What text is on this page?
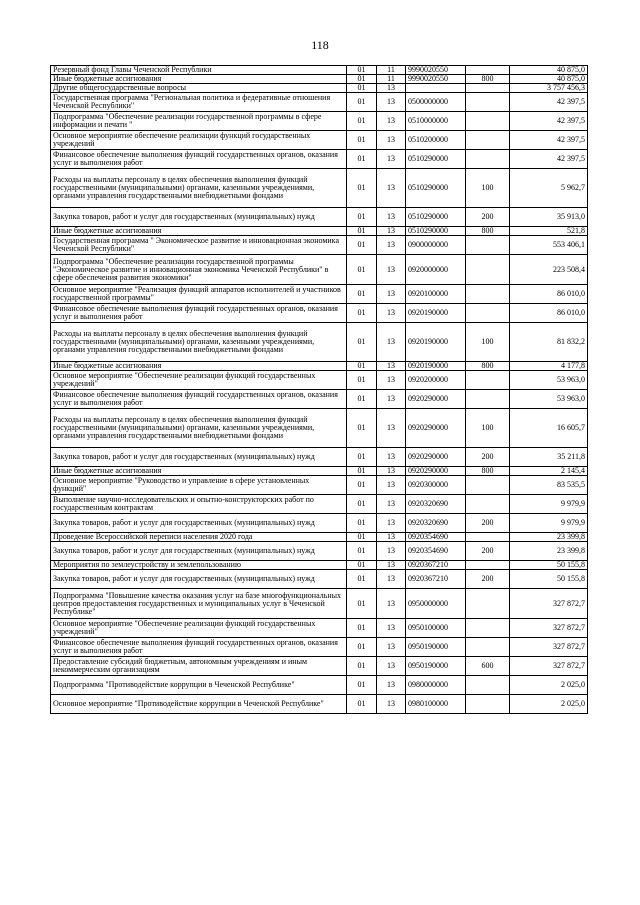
118
Резервный фонд Главы Чеченской Республики	01	11	9990020550		40 875,0
Иные бюджетные ассигнования	01	11	9990020550	800	40 875,0
Другие общегосударственные вопросы	01	13			3 757 456,3
Государственная программа "Региональная политика и федеративные отношения Чеченской Республики"	01	13	0500000000		42 397,5
Подпрограмма "Обеспечение реализации государственной программы в сфере информации и печати "	01	13	0510000000		42 397,5
Основное мероприятие обеспечение реализации функций государственных учреждений	01	13	0510200000		42 397,5
Финансовое обеспечение выполнения функций государственных органов, оказания услуг и выполнения работ	01	13	0510290000		42 397,5
Расходы на выплаты персоналу в целях обеспечения выполнения функций государственными (муниципальными) органами, казенными учреждениями, органами управления государственными внебюджетными фондами	01	13	0510290000	100	5 962,7
Закупка товаров, работ и услуг для государственных (муниципальных) нужд	01	13	0510290000	200	35 913,0
Иные бюджетные ассигнования	01	13	0510290000	800	521,8
Государственная программа " Экономическое развитие и инновационная экономика Чеченской Республики"	01	13	0900000000		553 406,1
Подпрограмма "Обеспечение реализации государственной программы "Экономическое развитие и инновационная экономика Чеченской Республики" в сфере обеспечения развития экономики"	01	13	0920000000		223 508,4
Основное мероприятие "Реализация функций аппаратов исполнителей и участников государственной программы"	01	13	0920100000		86 010,0
Финансовое обеспечение выполнения функций государственных органов, оказания услуг и выполнения работ	01	13	0920190000		86 010,0
Расходы на выплаты персоналу в целях обеспечения выполнения функций государственными (муниципальными) органами, казенными учреждениями, органами управления государственными внебюджетными фондами	01	13	0920190000	100	81 832,2
Иные бюджетные ассигнования	01	13	0920190000	800	4 177,8
Основное мероприятие "Обеспечение реализации функций государственных учреждений"	01	13	0920200000		53 963,0
Финансовое обеспечение выполнения функций государственных органов, оказания услуг и выполнения работ	01	13	0920290000		53 963,0
Расходы на выплаты персоналу в целях обеспечения выполнения функций государственными (муниципальными) органами, казенными учреждениями, органами управления государственными внебюджетными фондами	01	13	0920290000	100	16 605,7
Закупка товаров, работ и услуг для государственных (муниципальных) нужд	01	13	0920290000	200	35 211,8
Иные бюджетные ассигнования	01	13	0920290000	800	2 145,4
Основное мероприятие "Руководство и управление в сфере установленных функций"	01	13	0920300000		83 535,5
Выполнение научно-исследовательских и опытно-конструкторских работ по государственным контрактам	01	13	0920320690		9 979,9
Закупка товаров, работ и услуг для государственных (муниципальных) нужд	01	13	0920320690	200	9 979,9
Проведение Всероссийской переписи населения 2020 года	01	13	0920354690		23 399,8
Закупка товаров, работ и услуг для государственных (муниципальных) нужд	01	13	0920354690	200	23 399,8
Мероприятия по землеустройству и землепользованию	01	13	0920367210		50 155,8
Закупка товаров, работ и услуг для государственных (муниципальных) нужд	01	13	0920367210	200	50 155,8
Подпрограмма "Повышение качества оказания услуг на базе многофункциональных центров предоставления государственных и муниципальных услуг в Чеченской Республике"	01	13	0950000000		327 872,7
Основное мероприятие "Обеспечение реализации функций государственных учреждений"	01	13	0950100000		327 872,7
Финансовое обеспечение выполнения функций государственных органов, оказания услуг и выполнения работ	01	13	0950190000		327 872,7
Предоставление субсидий бюджетным, автономным учреждениям и иным некоммерческим организациям	01	13	0950190000	600	327 872,7
Подпрограмма "Противодействие коррупции в Чеченской Республике"	01	13	0980000000		2 025,0
Основное мероприятие "Противодействие коррупции в Чеченской Республике"	01	13	0980100000		2 025,0
